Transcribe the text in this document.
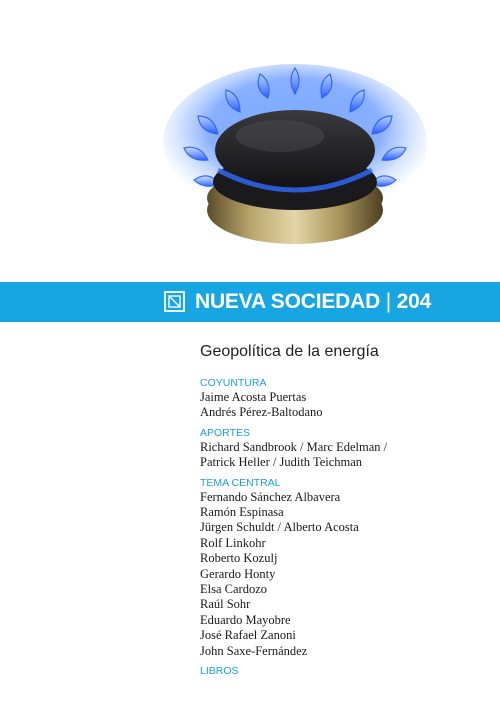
NUEVA SOCIEDAD | 204
Geopolítica de la energía
COYUNTURA
Jaime Acosta Puertas
Andrés Pérez-Baltodano
APORTES
Richard Sandbrook / Marc Edelman /
Patrick Heller / Judith Teichman
TEMA CENTRAL
Fernando Sánchez Albavera
Ramón Espinasa
Jürgen Schuldt / Alberto Acosta
Rolf Linkohr
Roberto Kozulj
Gerardo Honty
Elsa Cardozo
Raúl Sohr
Eduardo Mayobre
José Rafael Zanoni
John Saxe-Fernández
LIBROS
